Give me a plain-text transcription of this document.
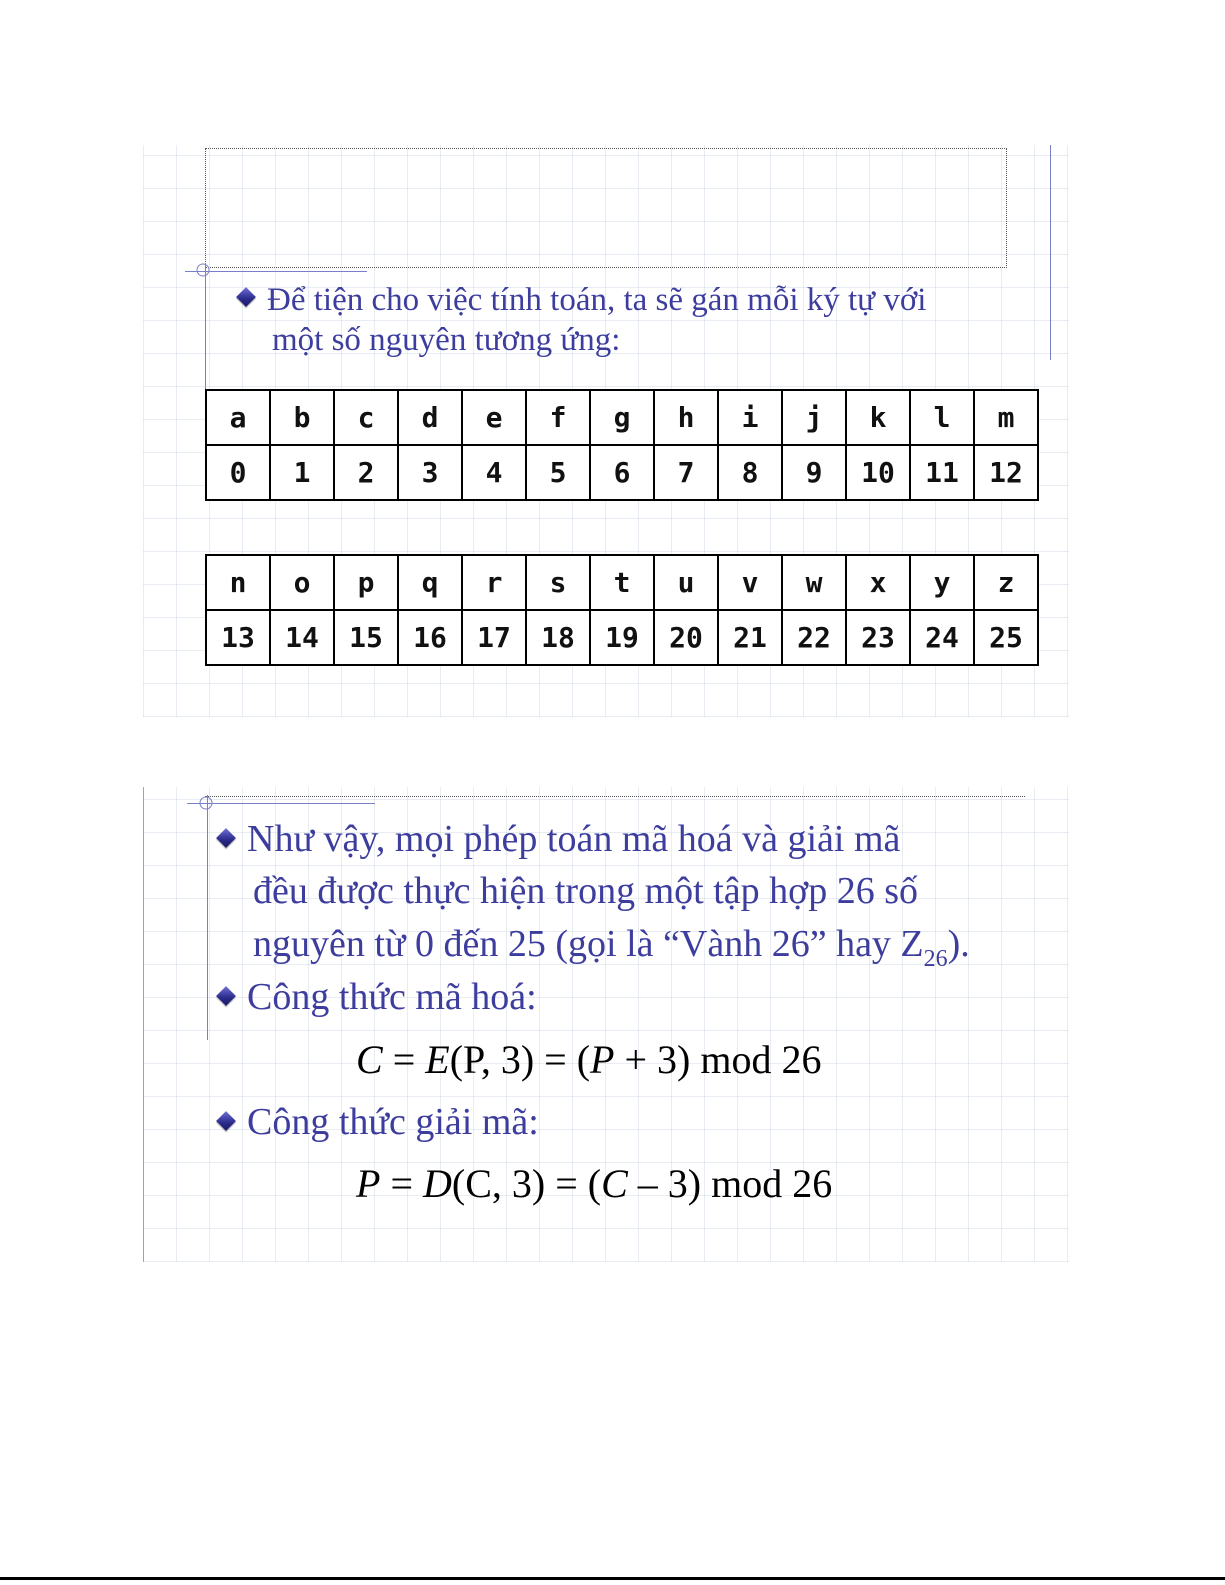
Để tiện cho việc tính toán, ta sẽ gán mỗi ký tự với
một số nguyên tương ứng:
a	b	c	d	e	f	g	h	i	j	k	l	m
0	1	2	3	4	5	6	7	8	9	10	11	12
n	o	p	q	r	s	t	u	v	w	x	y	z
13	14	15	16	17	18	19	20	21	22	23	24	25
Như vậy, mọi phép toán mã hoá và giải mã
đều được thực hiện trong một tập hợp 26 số
nguyên từ 0 đến 25 (gọi là “Vành 26” hay $Z_{26}$).
Công thức mã hoá:
C = E(P, 3) = (P + 3) mod 26
Công thức giải mã:
P = D(C, 3) = (C – 3) mod 26
